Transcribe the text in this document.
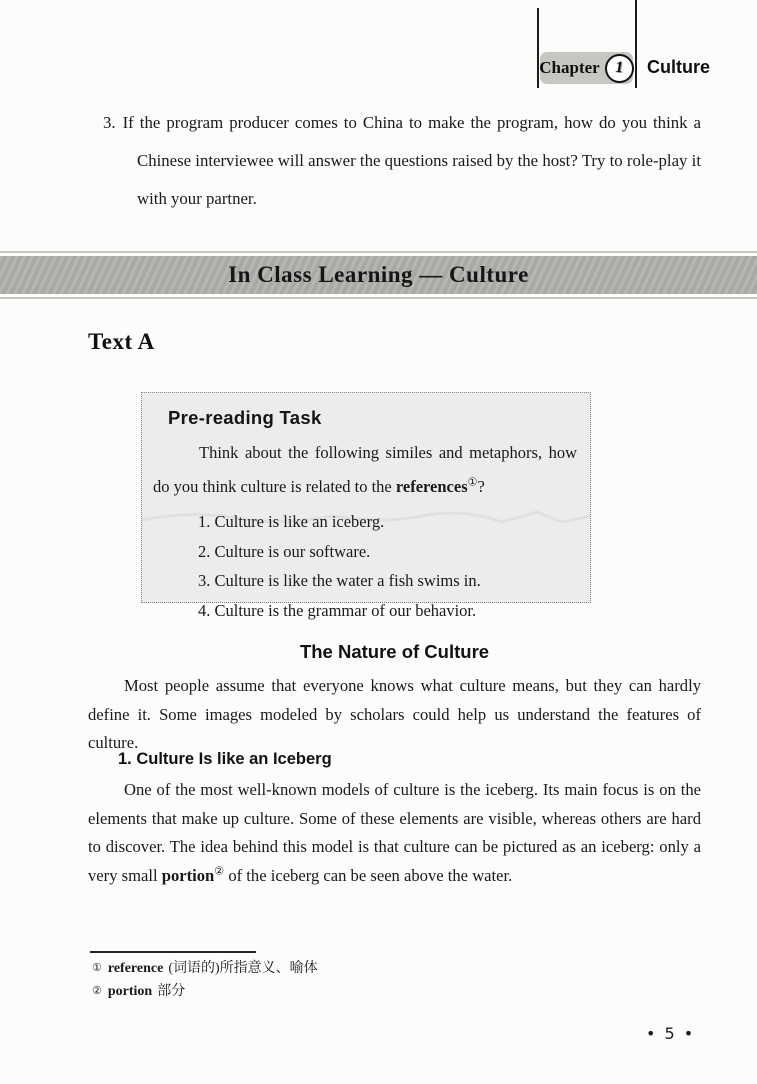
Chapter 1	Culture
3. If the program producer comes to China to make the program, how do you think a Chinese interviewee will answer the questions raised by the host? Try to role-play it with your partner.
In Class Learning — Culture
Text A
Pre-reading Task
Think about the following similes and metaphors, how do you think culture is related to the references①?
1. Culture is like an iceberg.
2. Culture is our software.
3. Culture is like the water a fish swims in.
4. Culture is the grammar of our behavior.
The Nature of Culture
Most people assume that everyone knows what culture means, but they can hardly define it. Some images modeled by scholars could help us understand the features of culture.
1. Culture Is like an Iceberg
One of the most well-known models of culture is the iceberg. Its main focus is on the elements that make up culture. Some of these elements are visible, whereas others are hard to discover. The idea behind this model is that culture can be pictured as an iceberg: only a very small portion② of the iceberg can be seen above the water.
① reference (词语的)所指意义、喻体
② portion 部分
• 5 •
